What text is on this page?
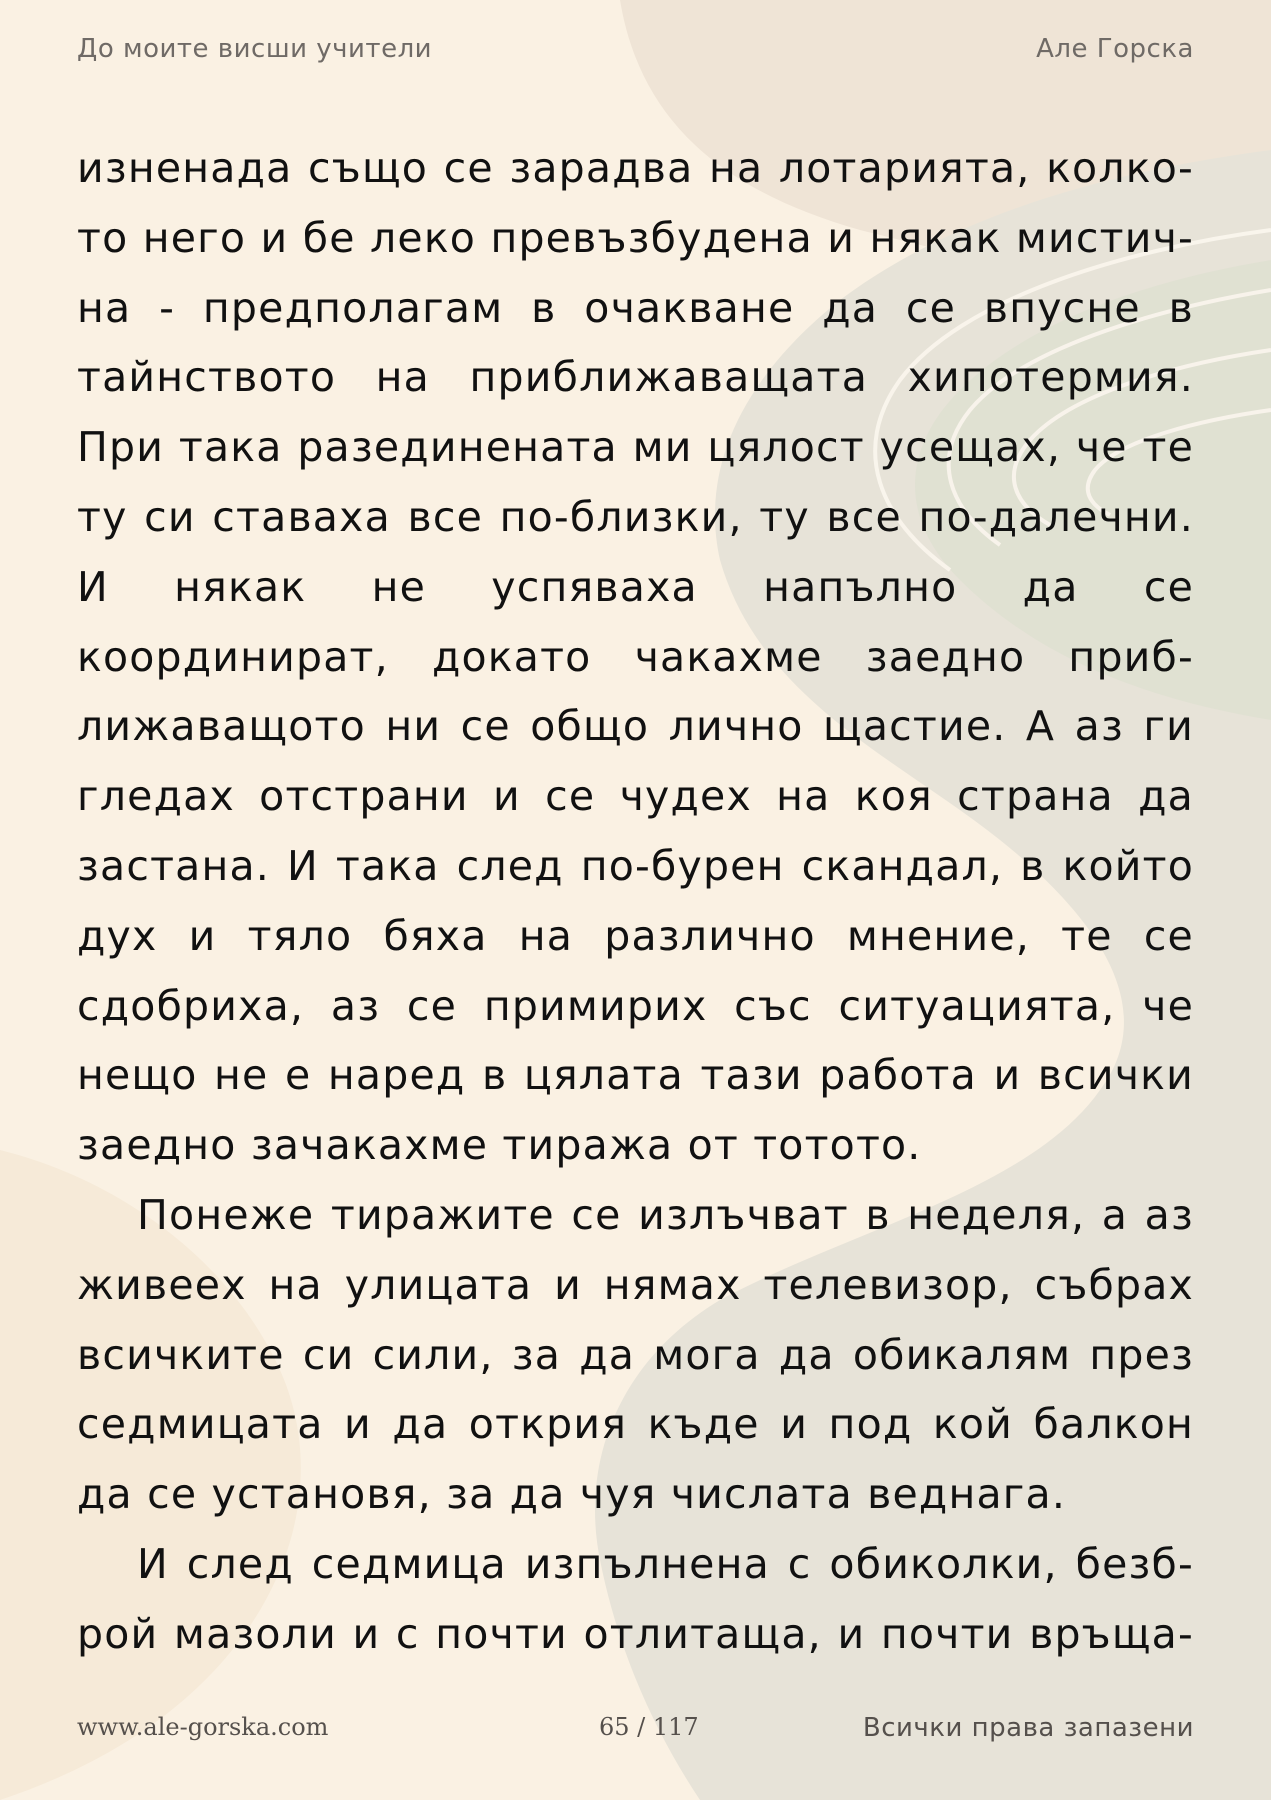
До моите висши учители	Але Горска

изненада също се зарадва на лотарията, колко-то него и бе леко превъзбудена и някак мистич-на - предполагам в очакване да се впусне в тайнството на приближаващата хипотермия. При така разединената ми цялост усещах, че те ту си ставаха все по-близки, ту все по-далечни. И някак не успяваха напълно да се координират, докато чакахме заедно приб-лижаващото ни се общо лично щастие. А аз ги гледах отстрани и се чудех на коя страна да застана. И така след по-бурен скандал, в който дух и тяло бяха на различно мнение, те се сдобриха, аз се примирих със ситуацията, че нещо не е наред в цялата тази работа и всички заедно зачакахме тиража от тотото.

Понеже тиражите се излъчват в неделя, а аз живеех на улицата и нямах телевизор, събрах всичките си сили, за да мога да обикалям през седмицата и да открия къде и под кой балкон да се установя, за да чуя числата веднага.

И след седмица изпълнена с обиколки, безб-рой мазоли и с почти отлитаща, и почти връща-

www.ale-gorska.com	65 / 117	Всички права запазени
